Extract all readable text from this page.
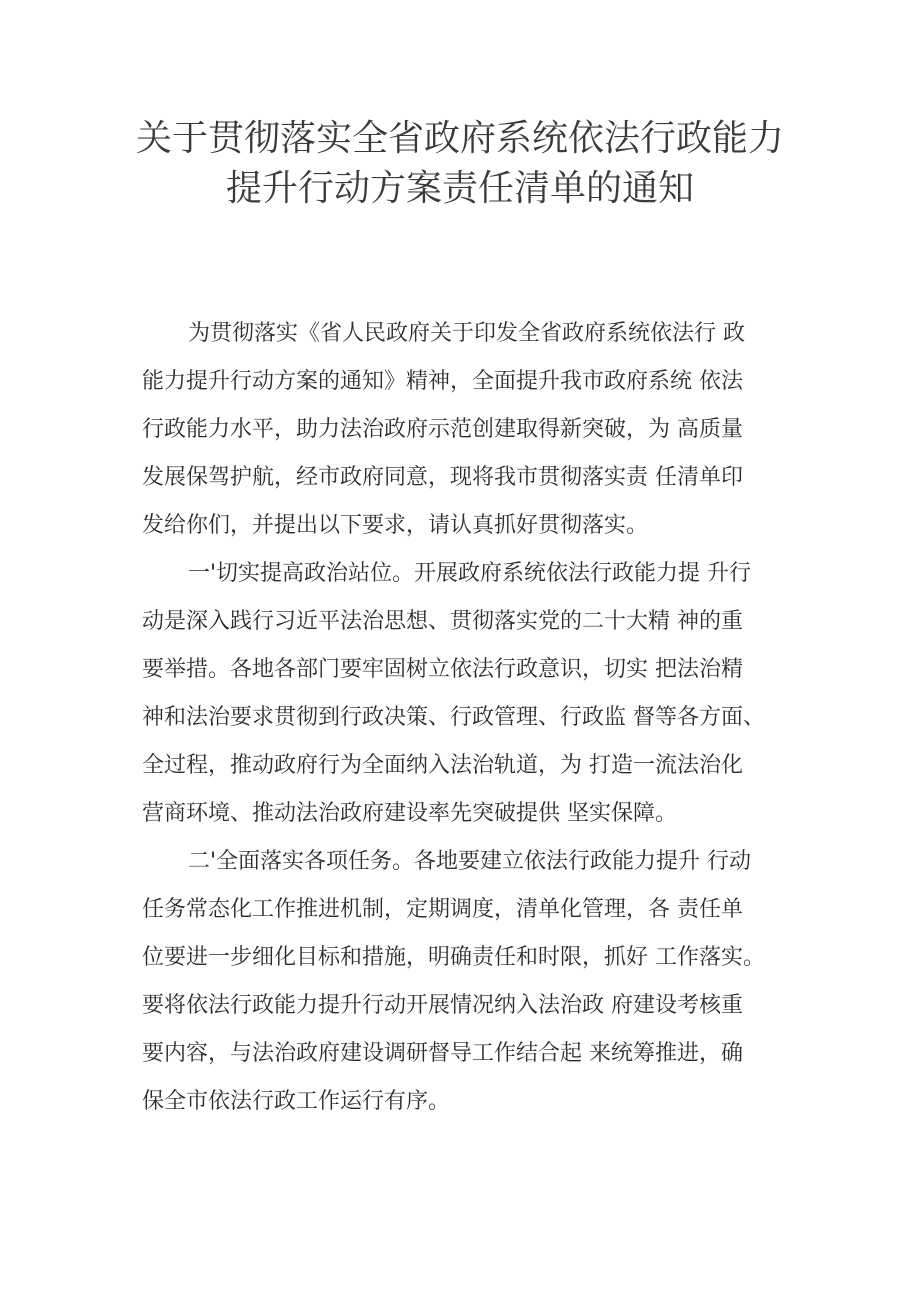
关于贯彻落实全省政府系统依法行政能力
提升行动方案责任清单的通知
为贯彻落实《省人民政府关于印发全省政府系统依法行 政
能力提升行动方案的通知》精神，全面提升我市政府系统 依法
行政能力水平，助力法治政府示范创建取得新突破，为 高质量
发展保驾护航，经市政府同意，现将我市贯彻落实责 任清单印
发给你们，并提出以下要求，请认真抓好贯彻落实。
一'切实提高政治站位。开展政府系统依法行政能力提 升行
动是深入践行习近平法治思想、贯彻落实党的二十大精 神的重
要举措。各地各部门要牢固树立依法行政意识，切实 把法治精
神和法治要求贯彻到行政决策、行政管理、行政监 督等各方面、
全过程，推动政府行为全面纳入法治轨道，为 打造一流法治化
营商环境、推动法治政府建设率先突破提供 坚实保障。
二'全面落实各项任务。各地要建立依法行政能力提升 行动
任务常态化工作推进机制，定期调度，清单化管理，各 责任单
位要进一步细化目标和措施，明确责任和时限，抓好 工作落实。
要将依法行政能力提升行动开展情况纳入法治政 府建设考核重
要内容，与法治政府建设调研督导工作结合起 来统筹推进，确
保全市依法行政工作运行有序。
